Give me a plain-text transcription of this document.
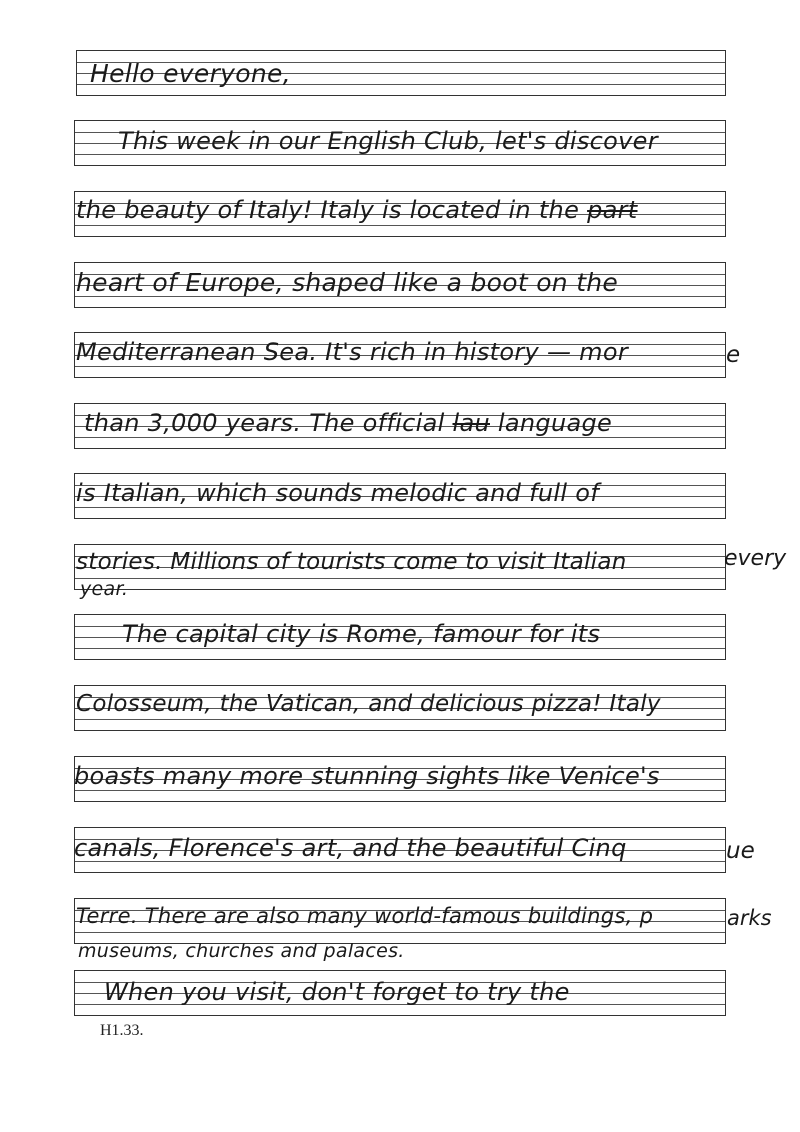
Hello everyone,
This week in our English Club, let's discover
the beauty of Italy! Italy is located in the part
heart of Europe, shaped like a boot on the
Mediterranean Sea. It's rich in history — mor	e
than 3,000 years. The official lau language
is Italian, which sounds melodic and full of
stories. Millions of tourists come to visit Italian	every
year.
The capital city is Rome, famour for its
Colosseum, the Vatican, and delicious pizza! Italy
boasts many more stunning sights like Venice's
canals, Florence's art, and the beautiful Cinq	ue
Terre. There are also many world-famous buildings, p	arks
museums, churches and palaces.
When you visit, don't forget to try the
H1.33.
